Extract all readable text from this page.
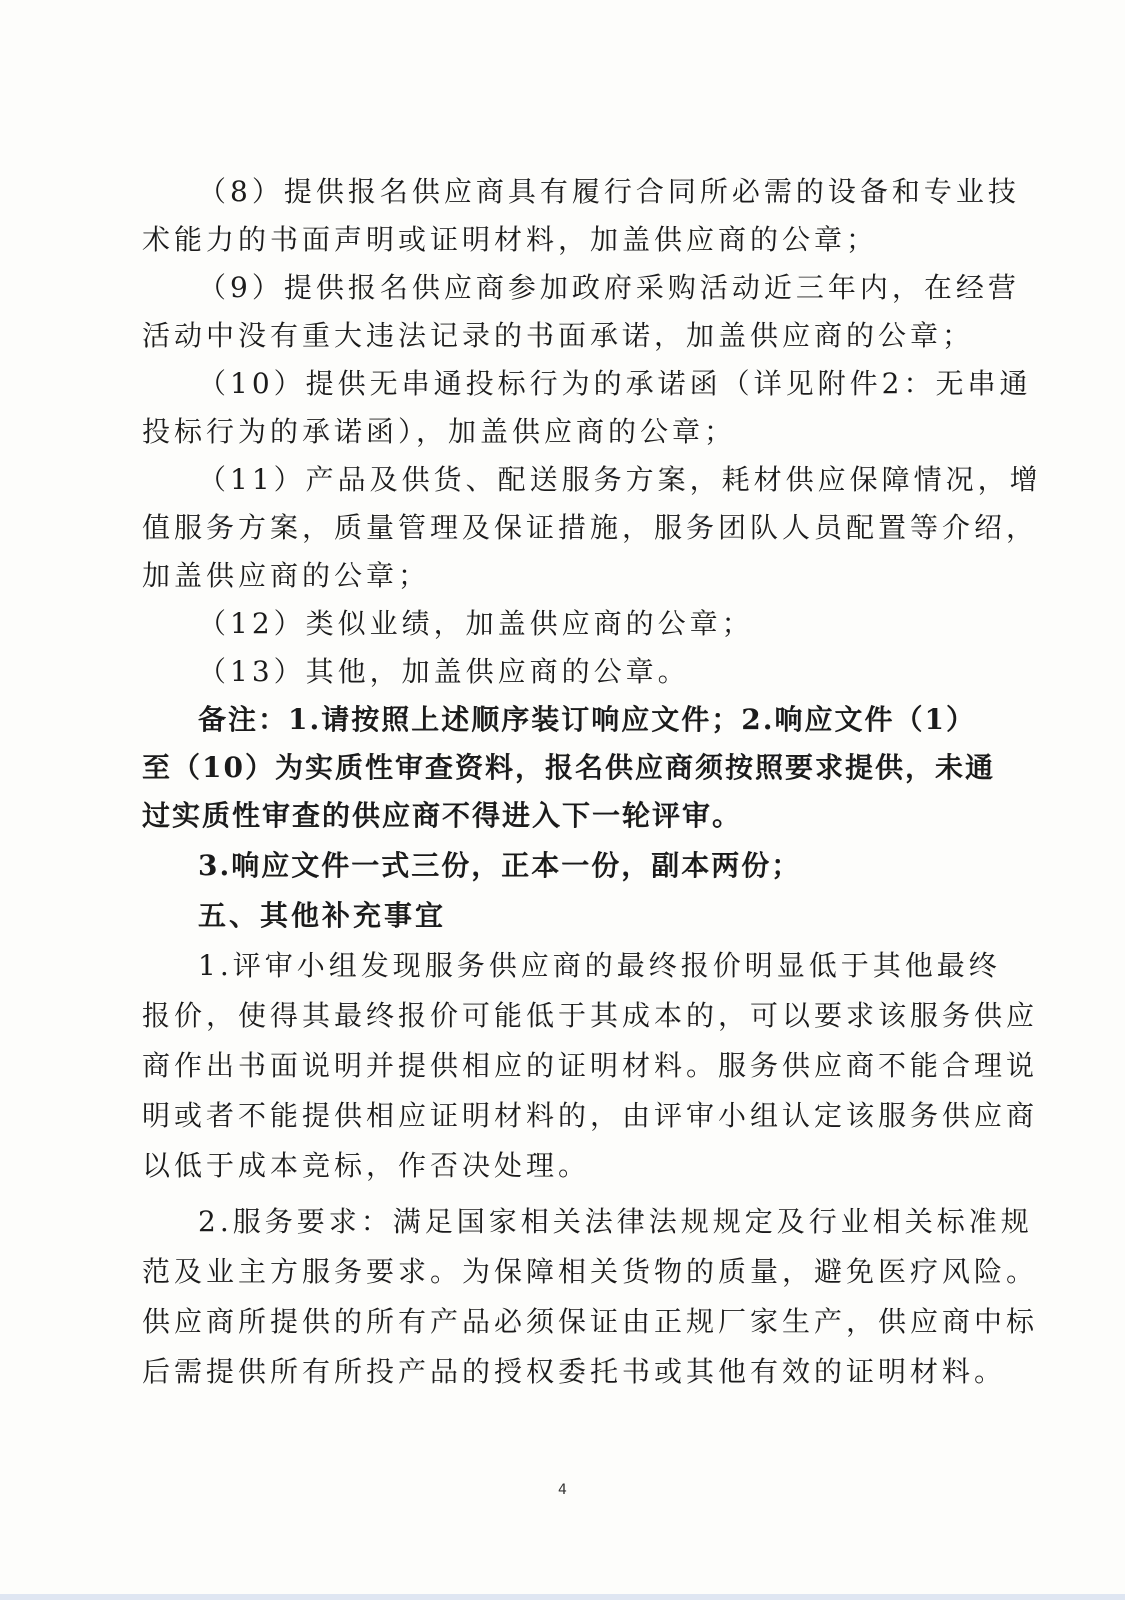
（8）提供报名供应商具有履行合同所必需的设备和专业技
术能力的书面声明或证明材料，加盖供应商的公章；
（9）提供报名供应商参加政府采购活动近三年内，在经营
活动中没有重大违法记录的书面承诺，加盖供应商的公章；
（10）提供无串通投标行为的承诺函（详见附件2：无串通
投标行为的承诺函），加盖供应商的公章；
（11）产品及供货、配送服务方案，耗材供应保障情况，增
值服务方案，质量管理及保证措施，服务团队人员配置等介绍，
加盖供应商的公章；
（12）类似业绩，加盖供应商的公章；
（13）其他，加盖供应商的公章。
备注：1.请按照上述顺序装订响应文件；2.响应文件（1）
至（10）为实质性审查资料，报名供应商须按照要求提供，未通
过实质性审查的供应商不得进入下一轮评审。
3.响应文件一式三份，正本一份，副本两份；
五、其他补充事宜
1.评审小组发现服务供应商的最终报价明显低于其他最终
报价，使得其最终报价可能低于其成本的，可以要求该服务供应
商作出书面说明并提供相应的证明材料。服务供应商不能合理说
明或者不能提供相应证明材料的，由评审小组认定该服务供应商
以低于成本竞标，作否决处理。
2.服务要求：满足国家相关法律法规规定及行业相关标准规
范及业主方服务要求。为保障相关货物的质量，避免医疗风险。
供应商所提供的所有产品必须保证由正规厂家生产，供应商中标
后需提供所有所投产品的授权委托书或其他有效的证明材料。
4
